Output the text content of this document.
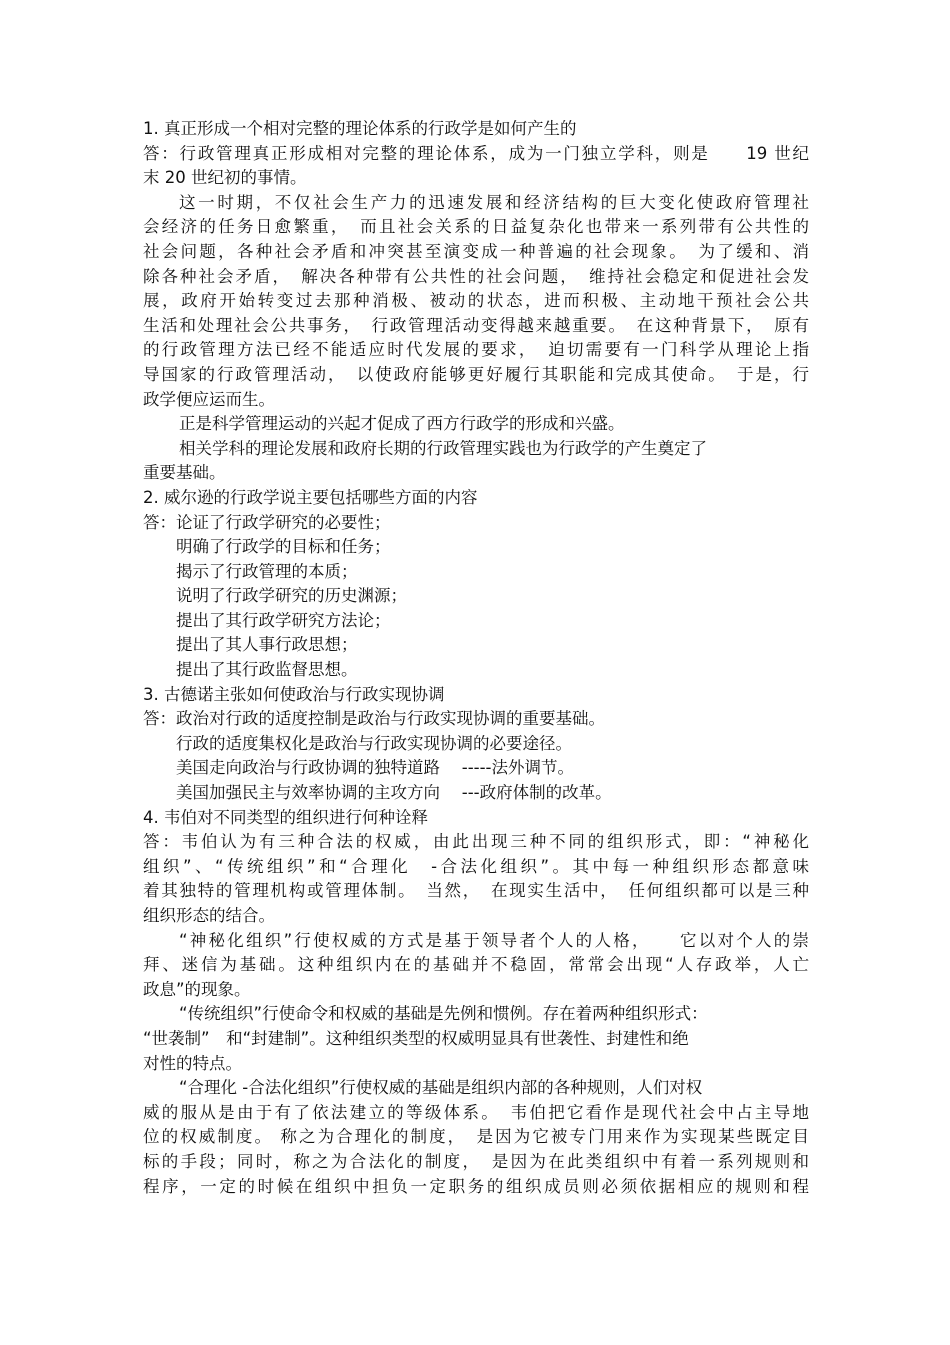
1. 真正形成一个相对完整的理论体系的行政学是如何产生的
答：行政管理真正形成相对完整的理论体系，成为一门独立学科，则是　　19 世纪
末 20 世纪初的事情。
这一时期，不仅社会生产力的迅速发展和经济结构的巨大变化使政府管理社
会经济的任务日愈繁重，　而且社会关系的日益复杂化也带来一系列带有公共性的
社会问题，各种社会矛盾和冲突甚至演变成一种普遍的社会现象。　为了缓和、消
除各种社会矛盾，　解决各种带有公共性的社会问题，　维持社会稳定和促进社会发
展，政府开始转变过去那种消极、被动的状态，进而积极、主动地干预社会公共
生活和处理社会公共事务，　行政管理活动变得越来越重要。　在这种背景下，　原有
的行政管理方法已经不能适应时代发展的要求，　迫切需要有一门科学从理论上指
导国家的行政管理活动，　以使政府能够更好履行其职能和完成其使命。　于是，行
政学便应运而生。
正是科学管理运动的兴起才促成了西方行政学的形成和兴盛。
相关学科的理论发展和政府长期的行政管理实践也为行政学的产生奠定了
重要基础。
2. 威尔逊的行政学说主要包括哪些方面的内容
答：论证了行政学研究的必要性；
明确了行政学的目标和任务；
揭示了行政管理的本质；
说明了行政学研究的历史渊源；
提出了其行政学研究方法论；
提出了其人事行政思想；
提出了其行政监督思想。
3. 古德诺主张如何使政治与行政实现协调
答：政治对行政的适度控制是政治与行政实现协调的重要基础。
行政的适度集权化是政治与行政实现协调的必要途径。
美国走向政治与行政协调的独特道路　 -----法外调节。
美国加强民主与效率协调的主攻方向　 ---政府体制的改革。
4. 韦伯对不同类型的组织进行何种诠释
答：韦伯认为有三种合法的权威，由此出现三种不同的组织形式，即：“神秘化
组织”、“传统组织”和“合理化　-合法化组织”。其中每一种组织形态都意味
着其独特的管理机构或管理体制。　当然，　在现实生活中，　任何组织都可以是三种
组织形态的结合。
“神秘化组织”行使权威的方式是基于领导者个人的人格，　　它以对个人的崇
拜、迷信为基础。这种组织内在的基础并不稳固，常常会出现“人存政举，人亡
政息”的现象。
“传统组织”行使命令和权威的基础是先例和惯例。存在着两种组织形式：
“世袭制”　和“封建制”。这种组织类型的权威明显具有世袭性、封建性和绝
对性的特点。
“合理化 -合法化组织”行使权威的基础是组织内部的各种规则，人们对权
威的服从是由于有了依法建立的等级体系。　韦伯把它看作是现代社会中占主导地
位的权威制度。 称之为合理化的制度，　是因为它被专门用来作为实现某些既定目
标的手段；同时，称之为合法化的制度，　是因为在此类组织中有着一系列规则和
程序，一定的时候在组织中担负一定职务的组织成员则必须依据相应的规则和程
